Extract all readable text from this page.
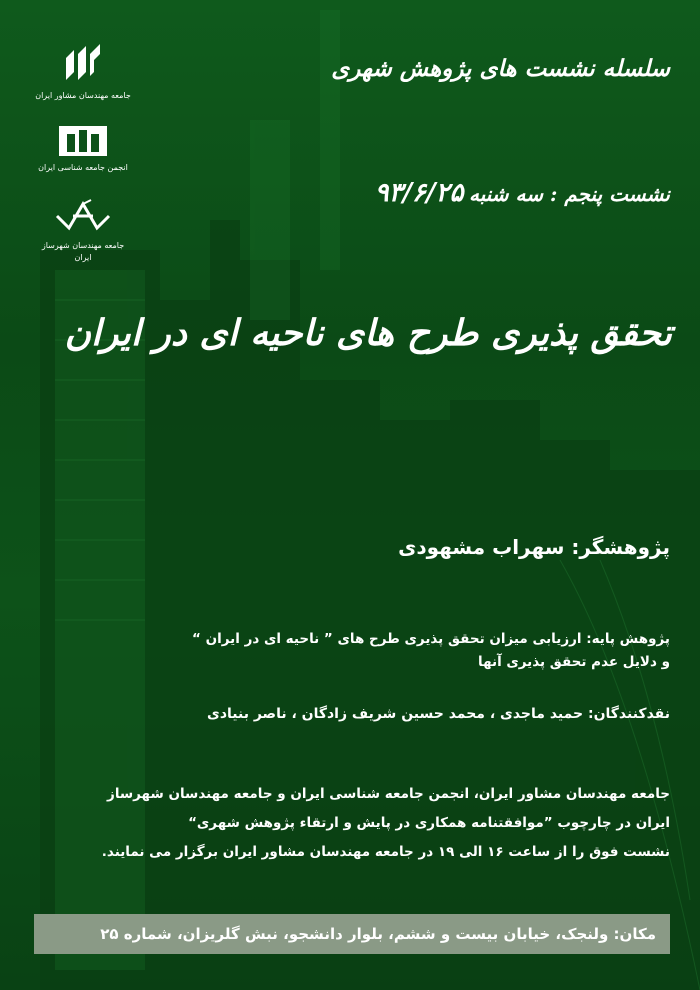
جامعه مهندسان مشاور ایران
انجمن جامعه شناسی ایران
جامعه مهندسان شهرساز
ایران
سلسله نشست های پژوهش شهری
نشست پنجم : سه شنبه ۹۳/۶/۲۵
تحقق پذیری طرح های ناحیه ای در ایران
پژوهشگر: سهراب مشهودی
پژوهش پایه: ارزیابی میزان تحقق پذیری طرح های ” ناحیه ای در ایران “
و دلایل عدم تحقق پذیری آنها
نقدکنندگان: حمید ماجدی ، محمد حسین شریف زادگان ، ناصر بنیادی
جامعه مهندسان مشاور ایران، انجمن جامعه شناسی ایران و جامعه مهندسان شهرساز
ایران در چارچوب ”موافقتنامه همکاری در پایش و ارتقاء پژوهش شهری“
نشست فوق را از ساعت ۱۶ الی ۱۹ در جامعه مهندسان مشاور ایران برگزار می نمایند.
مکان: ولنجک، خیابان بیست و ششم، بلوار دانشجو، نبش گلریزان، شماره ۲۵
